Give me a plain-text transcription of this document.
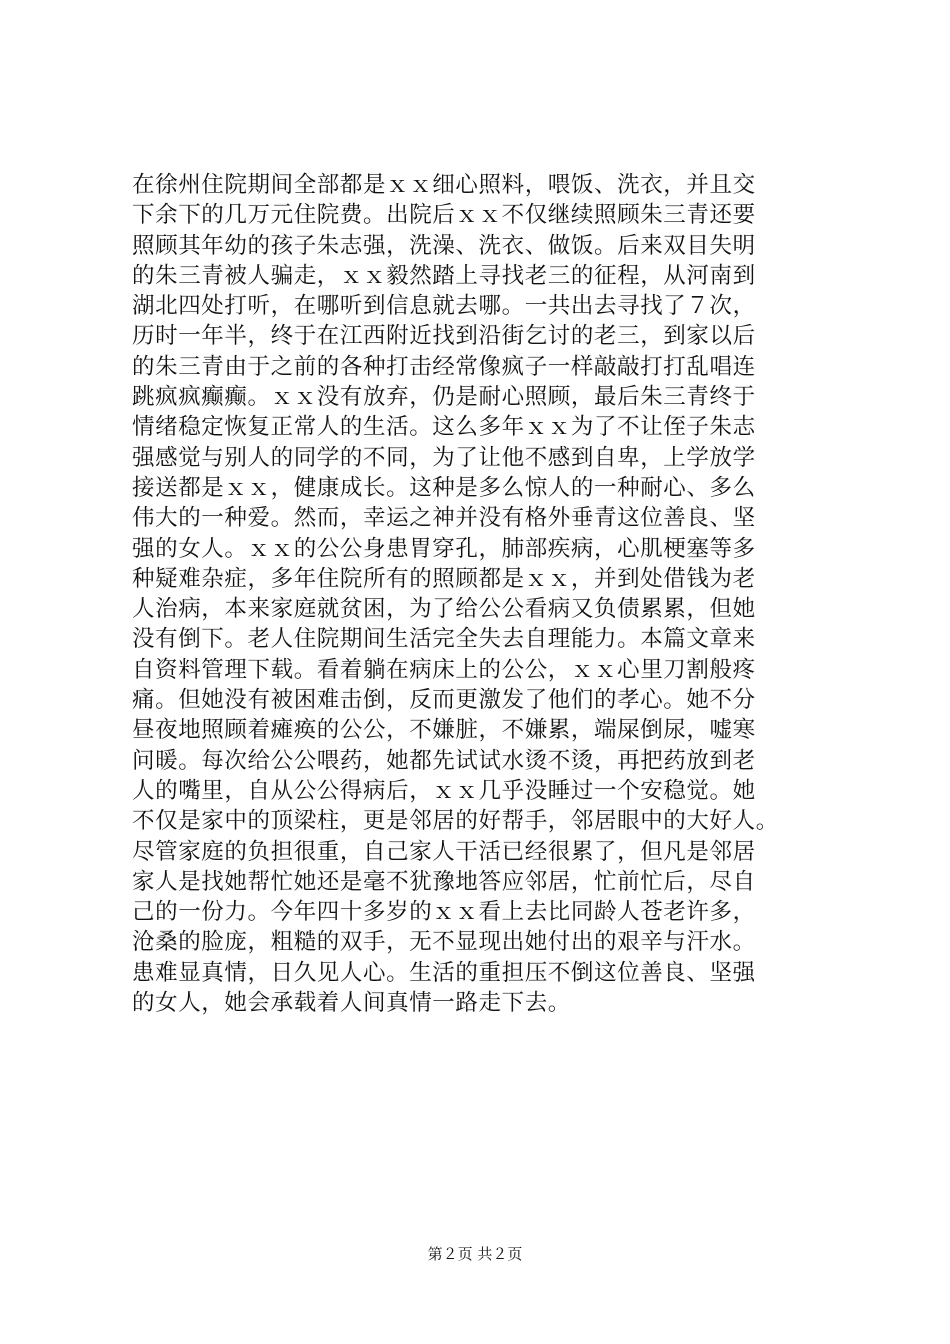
在徐州住院期间全部都是ｘｘ细心照料，喂饭、洗衣，并且交
下余下的几万元住院费。出院后ｘｘ不仅继续照顾朱三青还要
照顾其年幼的孩子朱志强，洗澡、洗衣、做饭。后来双目失明
的朱三青被人骗走，ｘｘ毅然踏上寻找老三的征程，从河南到
湖北四处打听，在哪听到信息就去哪。一共出去寻找了７次，
历时一年半，终于在江西附近找到沿街乞讨的老三，到家以后
的朱三青由于之前的各种打击经常像疯子一样敲敲打打乱唱连
跳疯疯癫癫。ｘｘ没有放弃，仍是耐心照顾，最后朱三青终于
情绪稳定恢复正常人的生活。这么多年ｘｘ为了不让侄子朱志
强感觉与别人的同学的不同，为了让他不感到自卑，上学放学
接送都是ｘｘ，健康成长。这种是多么惊人的一种耐心、多么
伟大的一种爱。然而，幸运之神并没有格外垂青这位善良、坚
强的女人。ｘｘ的公公身患胃穿孔，肺部疾病，心肌梗塞等多
种疑难杂症，多年住院所有的照顾都是ｘｘ，并到处借钱为老
人治病，本来家庭就贫困，为了给公公看病又负债累累，但她
没有倒下。老人住院期间生活完全失去自理能力。本篇文章来
自资料管理下载。看着躺在病床上的公公，ｘｘ心里刀割般疼
痛。但她没有被困难击倒，反而更激发了他们的孝心。她不分
昼夜地照顾着瘫痪的公公，不嫌脏，不嫌累，端屎倒尿，嘘寒
问暖。每次给公公喂药，她都先试试水烫不烫，再把药放到老
人的嘴里，自从公公得病后，ｘｘ几乎没睡过一个安稳觉。她
不仅是家中的顶梁柱，更是邻居的好帮手，邻居眼中的大好人。
尽管家庭的负担很重，自己家人干活已经很累了，但凡是邻居
家人是找她帮忙她还是毫不犹豫地答应邻居，忙前忙后，尽自
己的一份力。今年四十多岁的ｘｘ看上去比同龄人苍老许多，
沧桑的脸庞，粗糙的双手，无不显现出她付出的艰辛与汗水。
患难显真情，日久见人心。生活的重担压不倒这位善良、坚强
的女人，她会承载着人间真情一路走下去。
第２页 共２页
